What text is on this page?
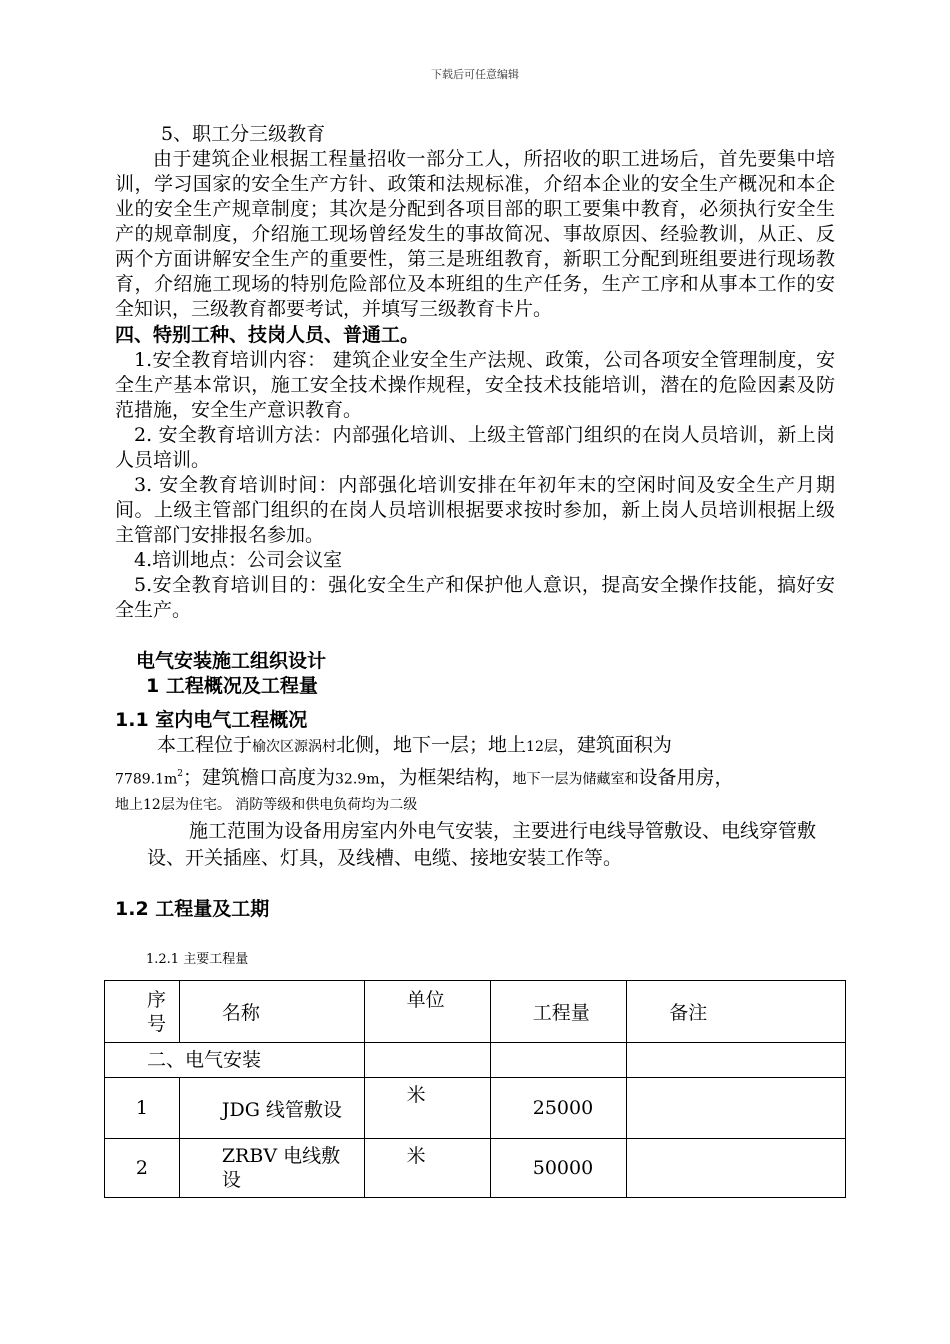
下载后可任意编辑

5、职工分三级教育

由于建筑企业根据工程量招收一部分工人，所招收的职工进场后，首先要集中培训，学习国家的安全生产方针、政策和法规标准，介绍本企业的安全生产概况和本企业的安全生产规章制度；其次是分配到各项目部的职工要集中教育，必须执行安全生产的规章制度，介绍施工现场曾经发生的事故简况、事故原因、经验教训，从正、反两个方面讲解安全生产的重要性，第三是班组教育，新职工分配到班组要进行现场教育，介绍施工现场的特别危险部位及本班组的生产任务，生产工序和从事本工作的安全知识，三级教育都要考试，并填写三级教育卡片。

四、特别工种、技岗人员、普通工。

1.安全教育培训内容： 建筑企业安全生产法规、政策，公司各项安全管理制度，安全生产基本常识，施工安全技术操作规程，安全技术技能培训，潜在的危险因素及防范措施，安全生产意识教育。

2. 安全教育培训方法：内部强化培训、上级主管部门组织的在岗人员培训，新上岗人员培训。

3. 安全教育培训时间：内部强化培训安排在年初年末的空闲时间及安全生产月期间。上级主管部门组织的在岗人员培训根据要求按时参加，新上岗人员培训根据上级主管部门安排报名参加。

4.培训地点：公司会议室

5.安全教育培训目的：强化安全生产和保护他人意识，提高安全操作技能，搞好安全生产。

电气安装施工组织设计
1 工程概况及工程量
1.1 室内电气工程概况
本工程位于榆次区源涡村北侧，地下一层；地上12层，建筑面积为
$7789.1m^2$；建筑檐口高度为32.9m，为框架结构，地下一层为储藏室和设备用房，
地上12层为住宅。 消防等级和供电负荷均为二级
施工范围为设备用房室内外电气安装，主要进行电线导管敷设、电线穿管敷设、开关插座、灯具，及线槽、电缆、接地安装工作等。
1.2 工程量及工期
1.2.1 主要工程量
序号	名称	单位	工程量	备注
二、电气安装				
1	JDG 线管敷设	米	25000	
2	ZRBV 电线敷设	米	50000	
